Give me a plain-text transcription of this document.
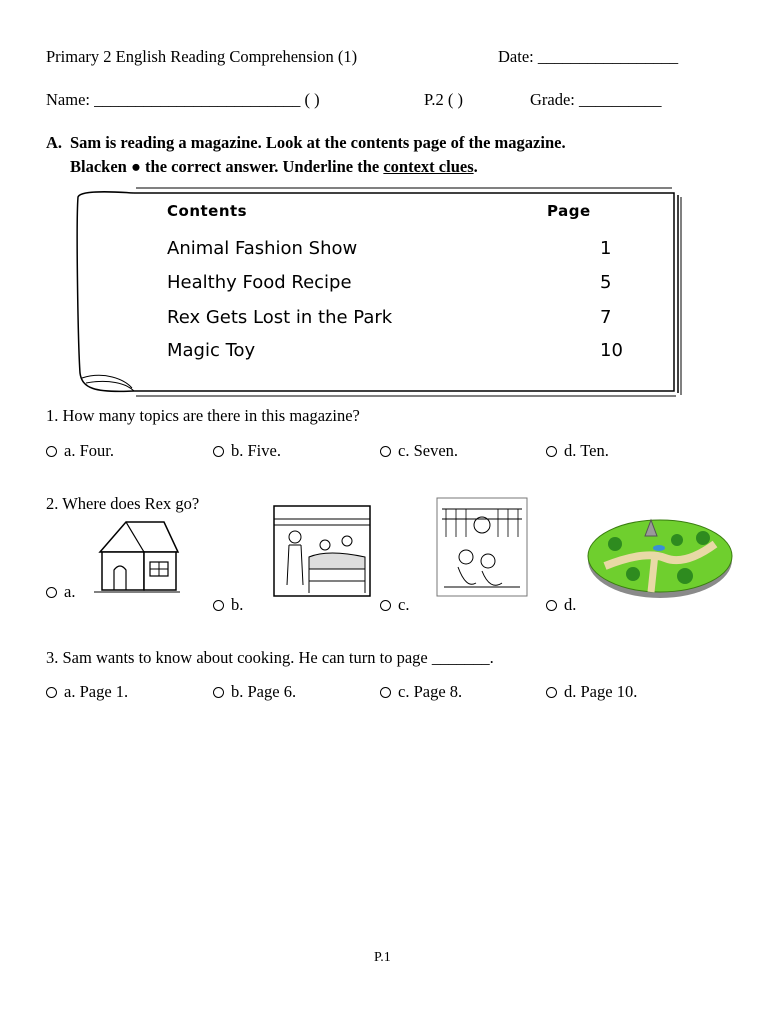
Primary 2 English Reading Comprehension (1)	Date: _________________
Name: _________________________ ( )	P.2 ( )	Grade: __________
A. Sam is reading a magazine. Look at the contents page of the magazine.
Blacken ● the correct answer. Underline the context clues.
Contents	Page
Animal Fashion Show	1
Healthy Food Recipe	5
Rex Gets Lost in the Park	7
Magic Toy	10
1. How many topics are there in this magazine?
a. Four.	b. Five.	c. Seven.	d. Ten.
2. Where does Rex go?
a.
b.	c.	d.
3. Sam wants to know about cooking. He can turn to page _______.
a. Page 1.	b. Page 6.	c. Page 8.	d. Page 10.
P.1
